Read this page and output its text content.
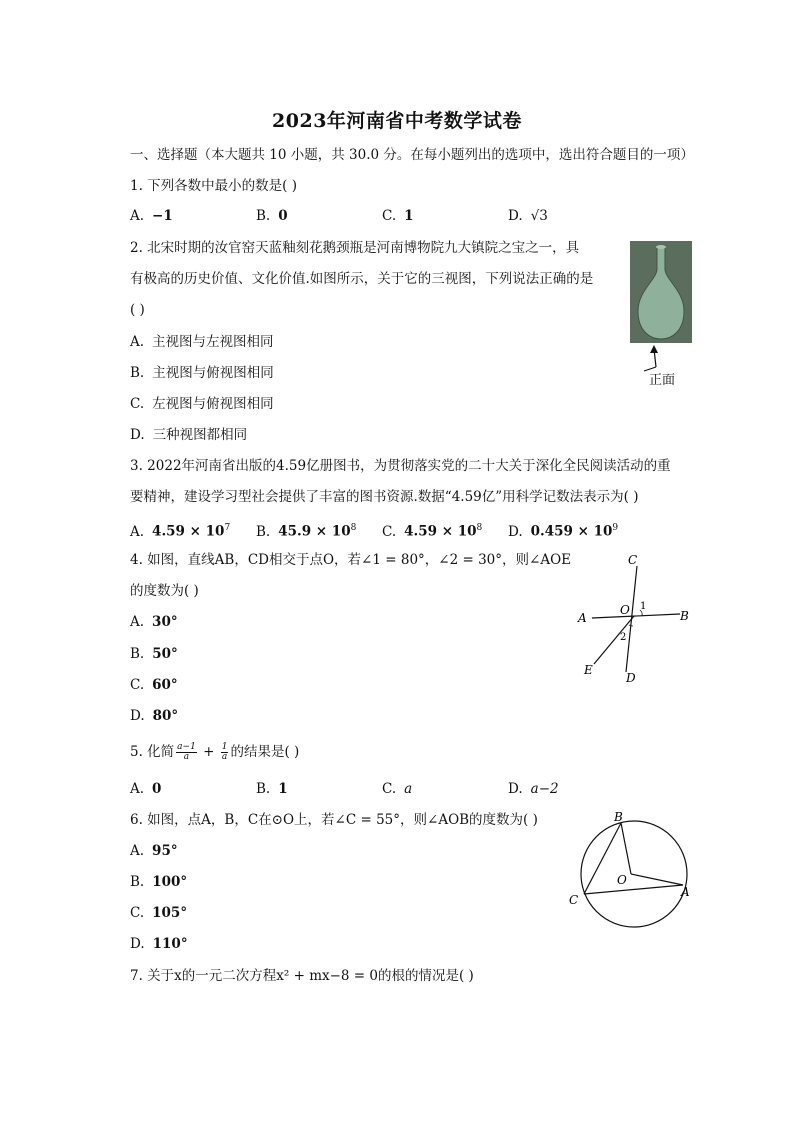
2023年河南省中考数学试卷
一、选择题（本大题共 10 小题，共 30.0 分。在每小题列出的选项中，选出符合题目的一项）
1. 下列各数中最小的数是( )
A. −1	B. 0	C. 1	D. √3
2. 北宋时期的汝官窑天蓝釉刻花鹅颈瓶是河南博物院九大镇院之宝之一，具
有极高的历史价值、文化价值.如图所示，关于它的三视图，下列说法正确的是
( )
A. 主视图与左视图相同
B. 主视图与俯视图相同
C. 左视图与俯视图相同
D. 三种视图都相同
正面
3. 2022年河南省出版的4.59亿册图书，为贯彻落实党的二十大关于深化全民阅读活动的重
要精神，建设学习型社会提供了丰富的图书资源.数据“4.59亿”用科学记数法表示为( )
A. $4.59 \times 10^7$ B. $45.9 \times 10^8$ C. $4.59 \times 10^8$ D. $0.459 \times 10^9$
4. 如图，直线AB，CD相交于点O，若∠1 = 80°，∠2 = 30°，则∠AOE
的度数为( )
A. 30°
B. 50°
C. 60°
D. 80°
C
A	B
O 1
2
E
D
5. 化简 $\frac{a-1}{a} + \frac{1}{a}$ 的结果是( )
A. 0	B. 1	C. a	D. a−2
6. 如图，点A，B，C在⊙O上，若∠C = 55°，则∠AOB的度数为( )
A. 95°
B. 100°
C. 105°
D. 110°
B
O
C
A
7. 关于x的一元二次方程x² + mx−8 = 0的根的情况是( )
